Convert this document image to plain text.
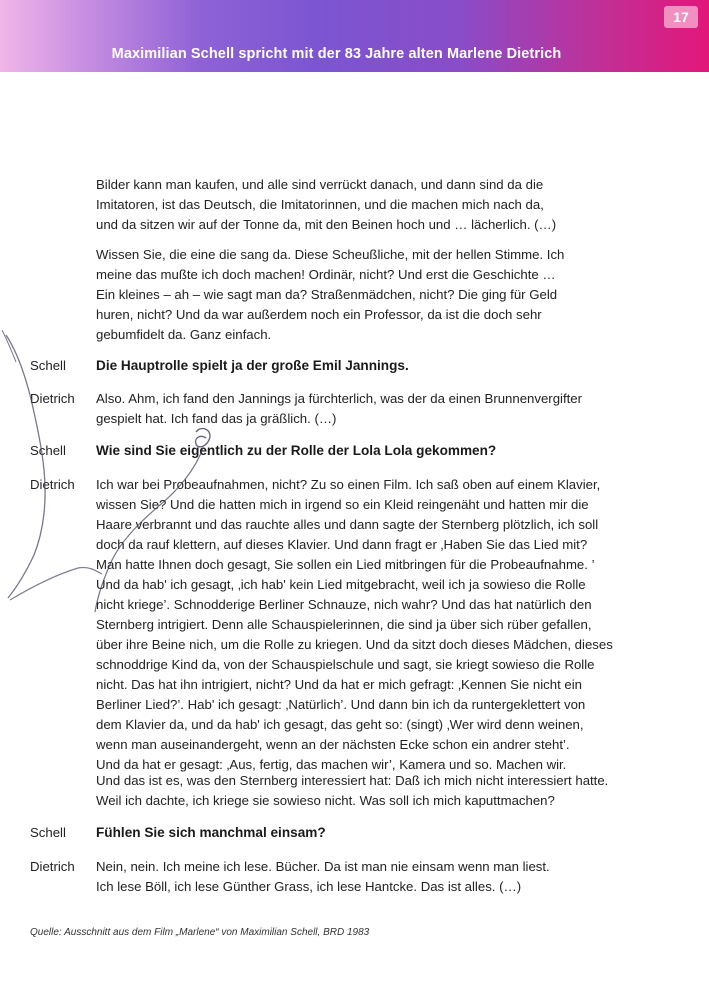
Maximilian Schell spricht mit der 83 Jahre alten Marlene Dietrich
17
Bilder kann man kaufen, und alle sind verrückt danach, und dann sind da die
Imitatoren, ist das Deutsch, die Imitatorinnen, und die machen mich nach da,
und da sitzen wir auf der Tonne da, mit den Beinen hoch und … lächerlich. (…)
Wissen Sie, die eine die sang da. Diese Scheußliche, mit der hellen Stimme. Ich
meine das mußte ich doch machen! Ordinär, nicht? Und erst die Geschichte …
Ein kleines – ah – wie sagt man da? Straßenmädchen, nicht? Die ging für Geld
huren, nicht? Und da war außerdem noch ein Professor, da ist die doch sehr
gebumfidelt da. Ganz einfach.
Schell Die Hauptrolle spielt ja der große Emil Jannings.
Dietrich Also. Ahm, ich fand den Jannings ja fürchterlich, was der da einen Brunnenvergifter
gespielt hat. Ich fand das ja gräßlich. (…)
Schell Wie sind Sie eigentlich zu der Rolle der Lola Lola gekommen?
Dietrich Ich war bei Probeaufnahmen, nicht? Zu so einen Film. Ich saß oben auf einem Klavier,
wissen Sie? Und die hatten mich in irgend so ein Kleid reingenäht und hatten mir die
Haare verbrannt und das rauchte alles und dann sagte der Sternberg plötzlich, ich soll
doch da rauf klettern, auf dieses Klavier. Und dann fragt er ‚Haben Sie das Lied mit?
Man hatte Ihnen doch gesagt, Sie sollen ein Lied mitbringen für die Probeaufnahme. ’
Und da hab' ich gesagt, ‚ich hab' kein Lied mitgebracht, weil ich ja sowieso die Rolle
nicht kriege’. Schnodderige Berliner Schnauze, nich wahr? Und das hat natürlich den
Sternberg intrigiert. Denn alle Schauspielerinnen, die sind ja über sich rüber gefallen,
über ihre Beine nich, um die Rolle zu kriegen. Und da sitzt doch dieses Mädchen, dieses
schnoddrige Kind da, von der Schauspielschule und sagt, sie kriegt sowieso die Rolle
nicht. Das hat ihn intrigiert, nicht? Und da hat er mich gefragt: ‚Kennen Sie nicht ein
Berliner Lied?’. Hab' ich gesagt: ‚Natürlich’. Und dann bin ich da runtergeklettert von
dem Klavier da, und da hab' ich gesagt, das geht so: (singt) ‚Wer wird denn weinen,
wenn man auseinandergeht, wenn an der nächsten Ecke schon ein andrer steht’.
Und da hat er gesagt: ‚Aus, fertig, das machen wir’, Kamera und so. Machen wir.
Und das ist es, was den Sternberg interessiert hat: Daß ich mich nicht interessiert hatte.
Weil ich dachte, ich kriege sie sowieso nicht. Was soll ich mich kaputtmachen?
Schell Fühlen Sie sich manchmal einsam?
Dietrich Nein, nein. Ich meine ich lese. Bücher. Da ist man nie einsam wenn man liest.
Ich lese Böll, ich lese Günther Grass, ich lese Hantcke. Das ist alles. (…)
Quelle: Ausschnitt aus dem Film „Marlene“ von Maximilian Schell, BRD 1983
